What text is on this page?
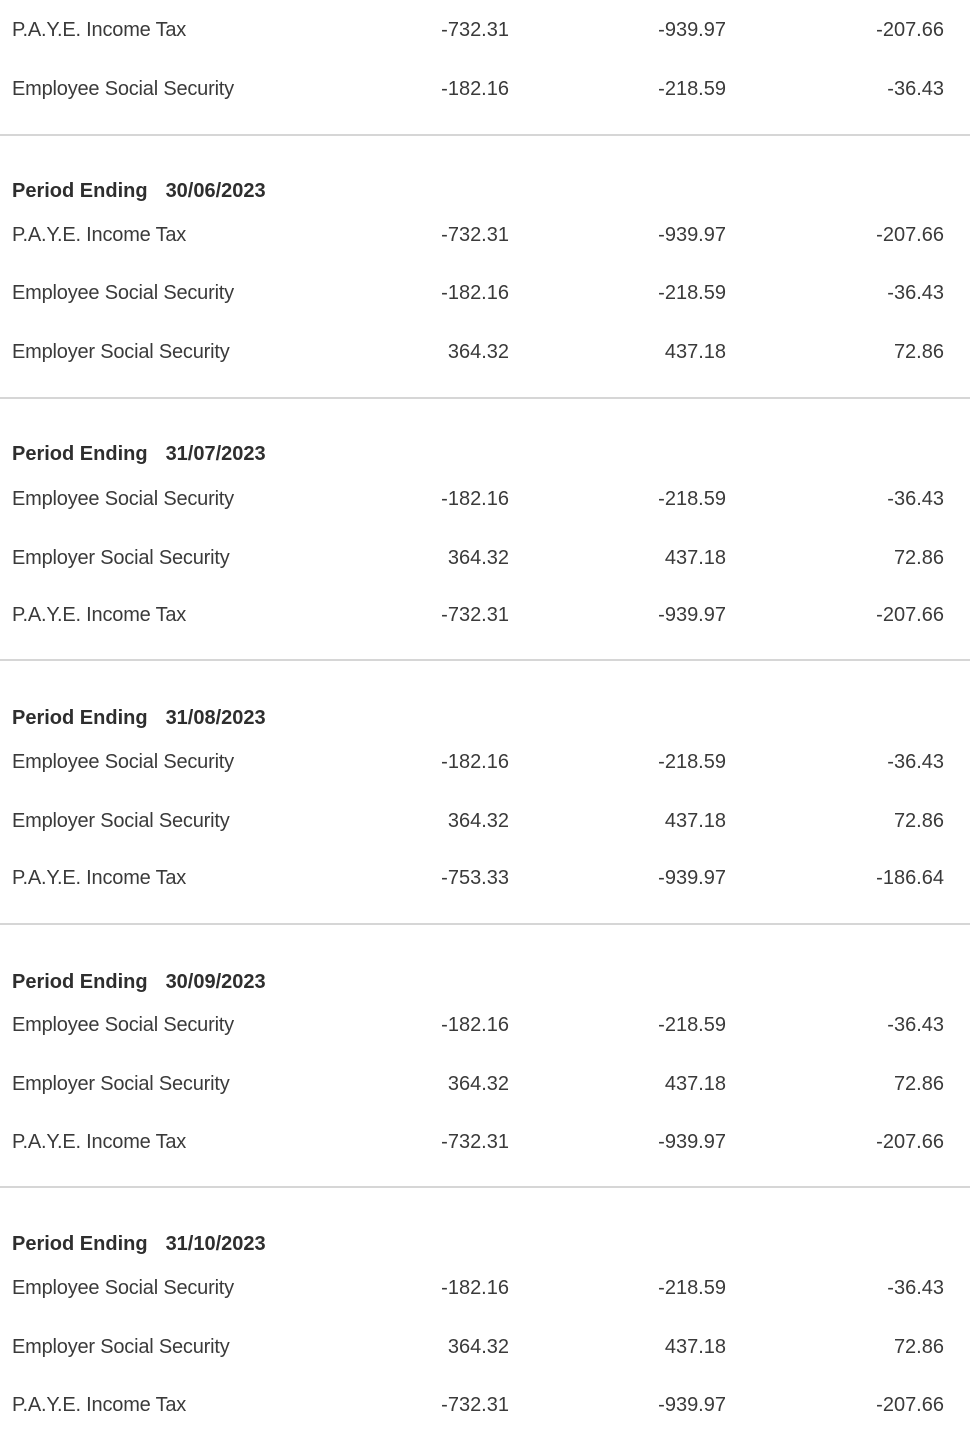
P.A.Y.E. Income Tax	-732.31	-939.97	-207.66
Employee Social Security	-182.16	-218.59	-36.43
Period Ending 30/06/2023
P.A.Y.E. Income Tax	-732.31	-939.97	-207.66
Employee Social Security	-182.16	-218.59	-36.43
Employer Social Security	364.32	437.18	72.86
Period Ending 31/07/2023
Employee Social Security	-182.16	-218.59	-36.43
Employer Social Security	364.32	437.18	72.86
P.A.Y.E. Income Tax	-732.31	-939.97	-207.66
Period Ending 31/08/2023
Employee Social Security	-182.16	-218.59	-36.43
Employer Social Security	364.32	437.18	72.86
P.A.Y.E. Income Tax	-753.33	-939.97	-186.64
Period Ending 30/09/2023
Employee Social Security	-182.16	-218.59	-36.43
Employer Social Security	364.32	437.18	72.86
P.A.Y.E. Income Tax	-732.31	-939.97	-207.66
Period Ending 31/10/2023
Employee Social Security	-182.16	-218.59	-36.43
Employer Social Security	364.32	437.18	72.86
P.A.Y.E. Income Tax	-732.31	-939.97	-207.66
